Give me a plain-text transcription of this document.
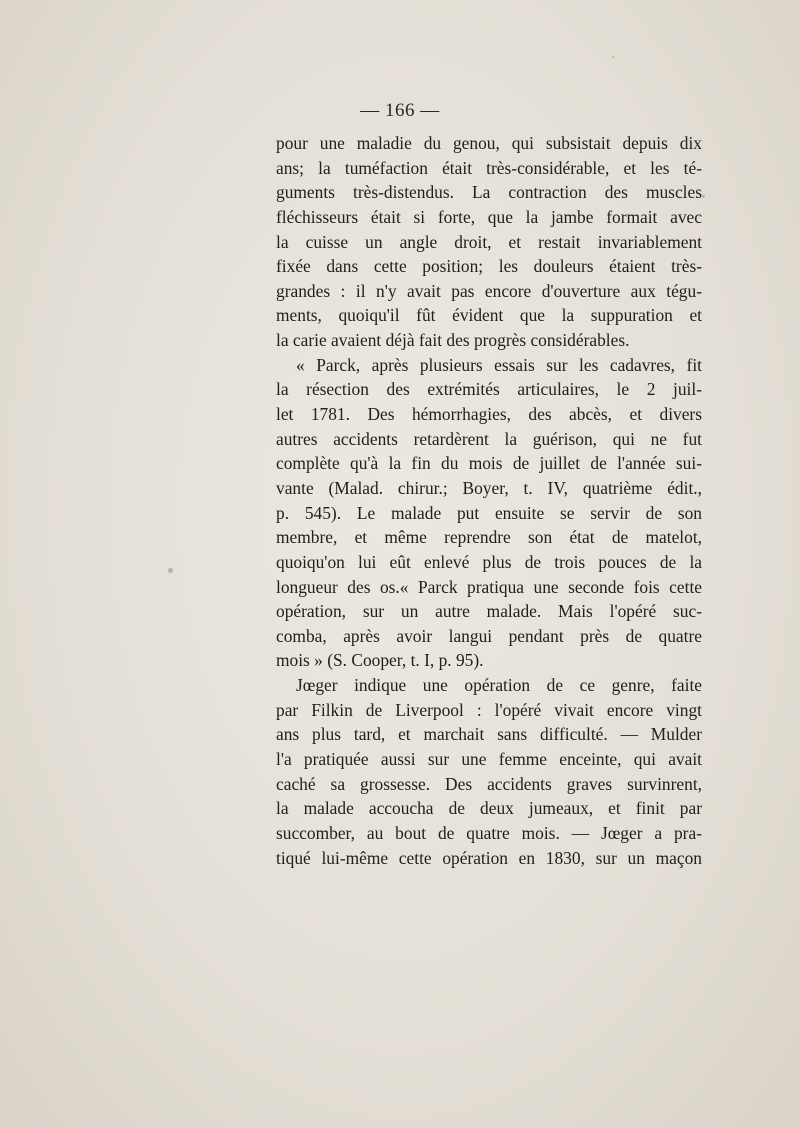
— 166 —
pour une maladie du genou, qui subsistait depuis dix
ans; la tuméfaction était très-considérable, et les té-
guments très-distendus. La contraction des muscles
fléchisseurs était si forte, que la jambe formait avec
la cuisse un angle droit, et restait invariablement
fixée dans cette position; les douleurs étaient très-
grandes : il n'y avait pas encore d'ouverture aux tégu-
ments, quoiqu'il fût évident que la suppuration et
la carie avaient déjà fait des progrès considérables.
« Parck, après plusieurs essais sur les cadavres, fit
la résection des extrémités articulaires, le 2 juil-
let 1781. Des hémorrhagies, des abcès, et divers
autres accidents retardèrent la guérison, qui ne fut
complète qu'à la fin du mois de juillet de l'année sui-
vante (Malad. chirur.; Boyer, t. IV, quatrième édit.,
p. 545). Le malade put ensuite se servir de son
membre, et même reprendre son état de matelot,
quoiqu'on lui eût enlevé plus de trois pouces de la
longueur des os.« Parck pratiqua une seconde fois cette
opération, sur un autre malade. Mais l'opéré suc-
comba, après avoir langui pendant près de quatre
mois » (S. Cooper, t. I, p. 95).
Jœger indique une opération de ce genre, faite
par Filkin de Liverpool : l'opéré vivait encore vingt
ans plus tard, et marchait sans difficulté. — Mulder
l'a pratiquée aussi sur une femme enceinte, qui avait
caché sa grossesse. Des accidents graves survinrent,
la malade accoucha de deux jumeaux, et finit par
succomber, au bout de quatre mois. — Jœger a pra-
tiqué lui-même cette opération en 1830, sur un maçon
